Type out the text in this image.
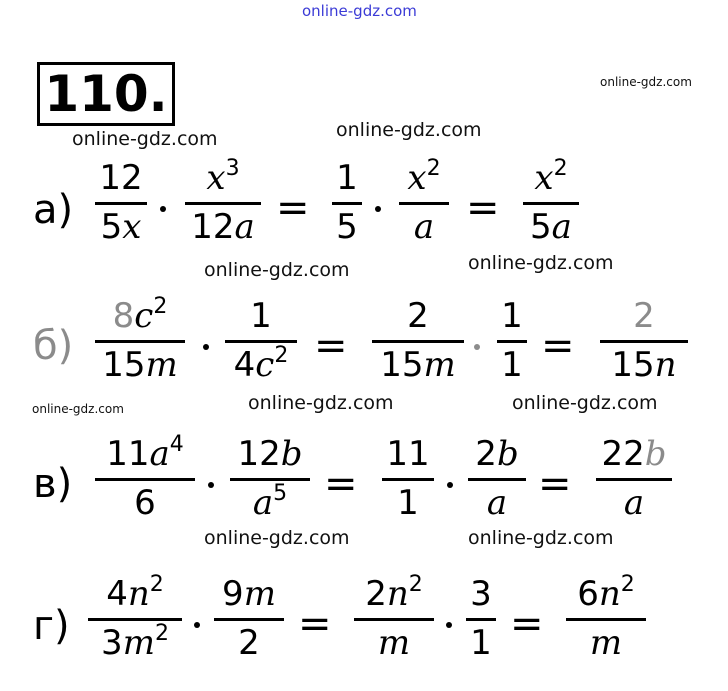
online-gdz.com
110.	online-gdz.com
online-gdz.com	online-gdz.com
online-gdz.com	online-gdz.com
online-gdz.com	online-gdz.com	online-gdz.com
online-gdz.com	online-gdz.com
а)
12
5x
$x^3$
12a =
1
5
$x^2$
a =
$x^2$
5a
б)
$8c^2$
15m
1
$4c^2$ =
2
15m
1
1 =
2
15n
в)
$11a^4$
6
12b
$a^5$ =
11
1
2b
a =
22b
a
г)
$4n^2$
$3m^2$
9m
2 =
$2n^2$
m
3
1 =
$6n^2$
m
